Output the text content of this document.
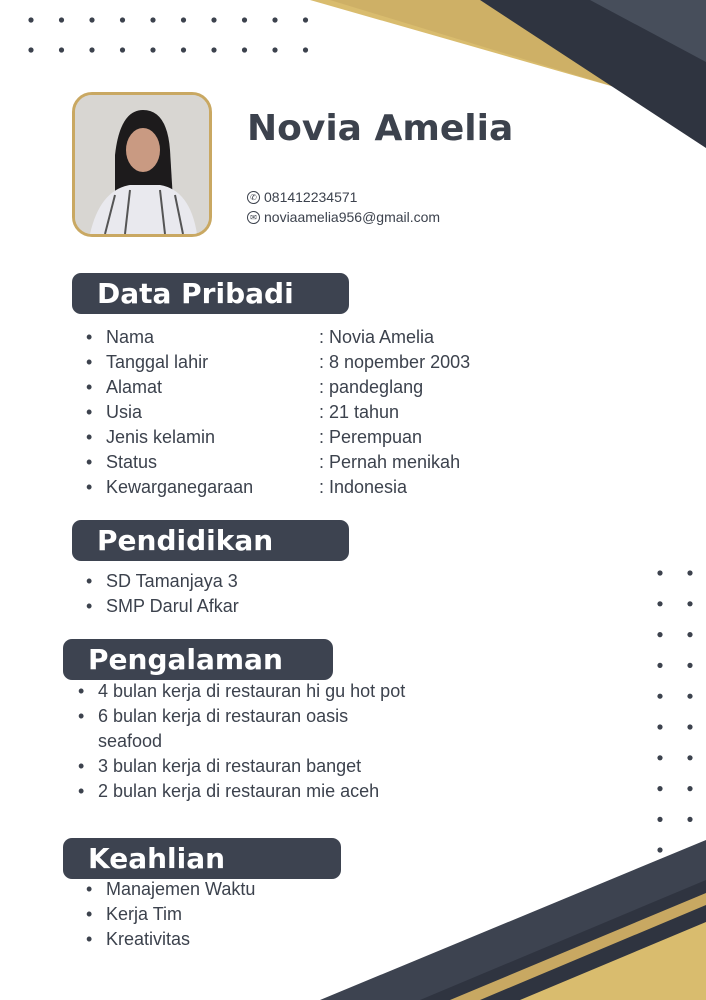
Novia Amelia
✆ 081412234571
✉ noviaamelia956@gmail.com
Data Pribadi
• Nama	: Novia Amelia
• Tanggal lahir	: 8 nopember 2003
• Alamat	: pandeglang
• Usia	: 21 tahun
• Jenis kelamin	: Perempuan
• Status	: Pernah menikah
• Kewarganegaraan	: Indonesia
Pendidikan
• SD Tamanjaya 3
• SMP Darul Afkar
Pengalaman
• 4 bulan kerja di restauran hi gu hot pot
• 6 bulan kerja di restauran oasis seafood
• 3 bulan kerja di restauran banget
• 2 bulan kerja di restauran mie aceh
Keahlian
• Manajemen Waktu
• Kerja Tim
• Kreativitas
